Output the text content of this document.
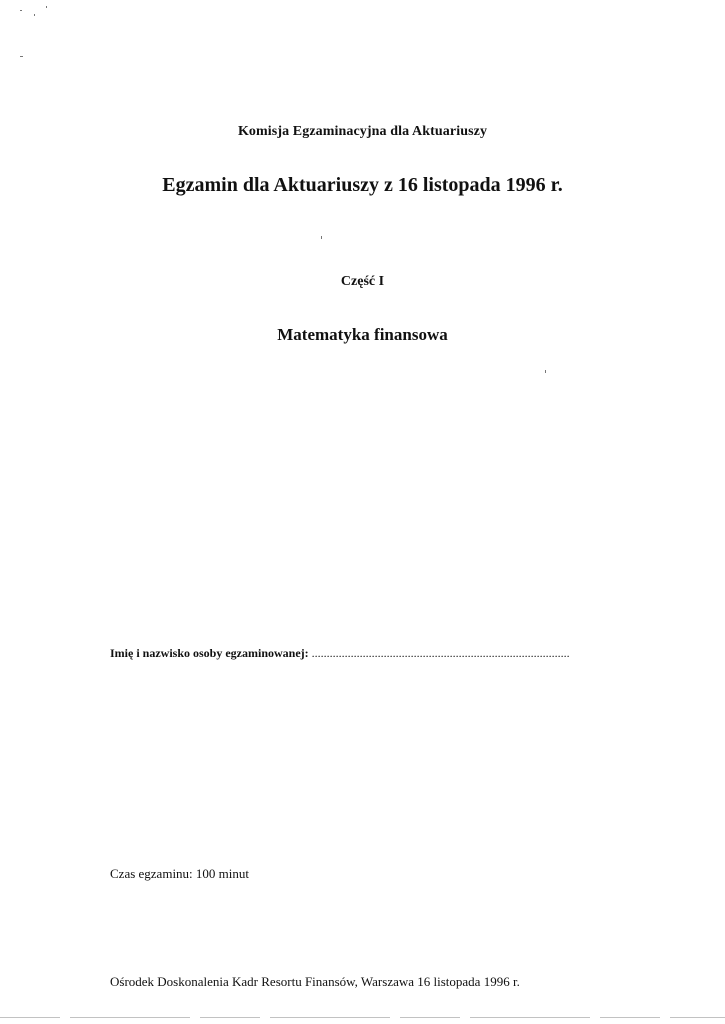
Komisja Egzaminacyjna dla Aktuariuszy
Egzamin dla Aktuariuszy z 16 listopada 1996 r.
Część I
Matematyka finansowa
Imię i nazwisko osoby egzaminowanej: ......................................................................................
Czas egzaminu: 100 minut
Ośrodek Doskonalenia Kadr Resortu Finansów, Warszawa 16 listopada 1996 r.
